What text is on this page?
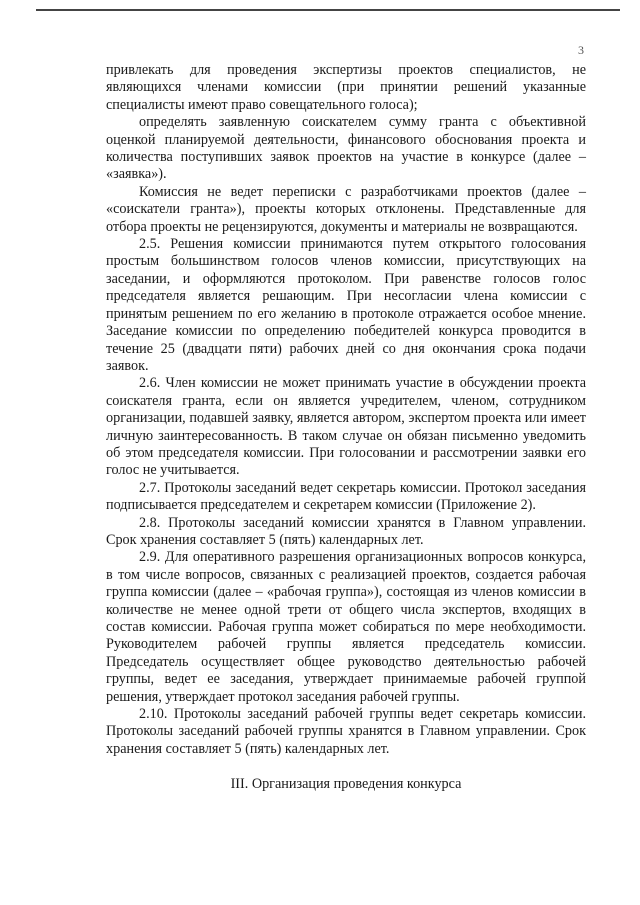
3

привлекать для проведения экспертизы проектов специалистов, не являющихся членами комиссии (при принятии решений указанные специалисты имеют право совещательного голоса);

определять заявленную соискателем сумму гранта с объективной оценкой планируемой деятельности, финансового обоснования проекта и количества поступивших заявок проектов на участие в конкурсе (далее – «заявка»).

Комиссия не ведет переписки с разработчиками проектов (далее – «соискатели гранта»), проекты которых отклонены. Представленные для отбора проекты не рецензируются, документы и материалы не возвращаются.

2.5. Решения комиссии принимаются путем открытого голосования простым большинством голосов членов комиссии, присутствующих на заседании, и оформляются протоколом. При равенстве голосов голос председателя является решающим. При несогласии члена комиссии с принятым решением по его желанию в протоколе отражается особое мнение. Заседание комиссии по определению победителей конкурса проводится в течение 25 (двадцати пяти) рабочих дней со дня окончания срока подачи заявок.

2.6. Член комиссии не может принимать участие в обсуждении проекта соискателя гранта, если он является учредителем, членом, сотрудником организации, подавшей заявку, является автором, экспертом проекта или имеет личную заинтересованность. В таком случае он обязан письменно уведомить об этом председателя комиссии. При голосовании и рассмотрении заявки его голос не учитывается.

2.7. Протоколы заседаний ведет секретарь комиссии. Протокол заседания подписывается председателем и секретарем комиссии (Приложение 2).

2.8. Протоколы заседаний комиссии хранятся в Главном управлении. Срок хранения составляет 5 (пять) календарных лет.

2.9. Для оперативного разрешения организационных вопросов конкурса, в том числе вопросов, связанных с реализацией проектов, создается рабочая группа комиссии (далее – «рабочая группа»), состоящая из членов комиссии в количестве не менее одной трети от общего числа экспертов, входящих в состав комиссии. Рабочая группа может собираться по мере необходимости. Руководителем рабочей группы является председатель комиссии. Председатель осуществляет общее руководство деятельностью рабочей группы, ведет ее заседания, утверждает принимаемые рабочей группой решения, утверждает протокол заседания рабочей группы.

2.10. Протоколы заседаний рабочей группы ведет секретарь комиссии. Протоколы заседаний рабочей группы хранятся в Главном управлении. Срок хранения составляет 5 (пять) календарных лет.

III. Организация проведения конкурса
